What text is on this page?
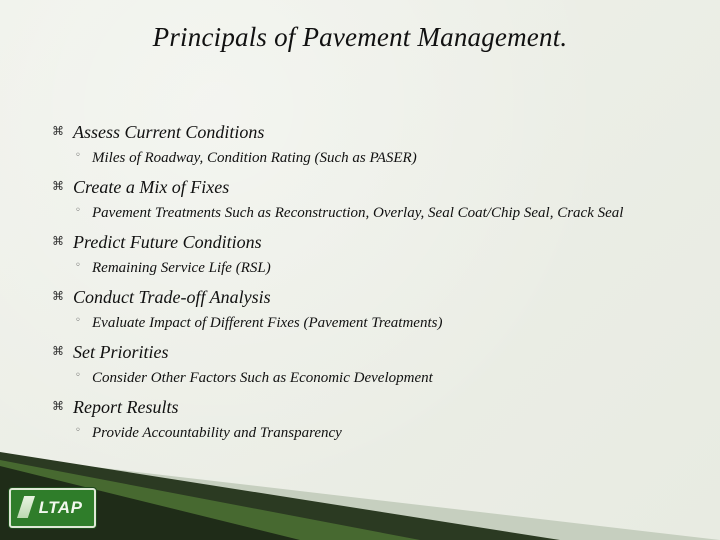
Principals of Pavement Management.
⌘ Assess Current Conditions
◦ Miles of Roadway, Condition Rating (Such as PASER)
⌘ Create a Mix of Fixes
◦ Pavement Treatments Such as Reconstruction, Overlay, Seal Coat/Chip Seal, Crack Seal
⌘ Predict Future Conditions
◦ Remaining Service Life (RSL)
⌘ Conduct Trade-off Analysis
◦ Evaluate Impact of Different Fixes (Pavement Treatments)
⌘ Set Priorities
◦ Consider Other Factors Such as Economic Development
⌘ Report Results
◦ Provide Accountability and Transparency
LTAP
